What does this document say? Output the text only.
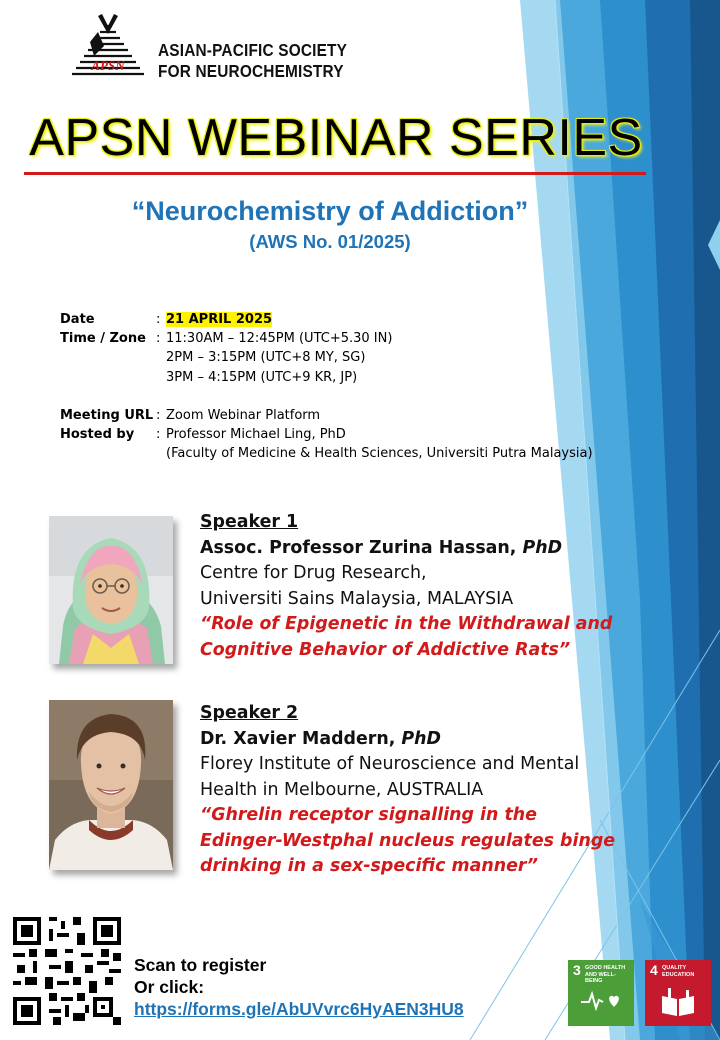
APSN
ASIAN-PACIFIC SOCIETY
FOR NEUROCHEMISTRY
APSN WEBINAR SERIES
“Neurochemistry of Addiction”
(AWS No. 01/2025)
Date	: 21 APRIL 2025
Time / Zone : 11:30AM – 12:45PM (UTC+5.30 IN)
2PM – 3:15PM (UTC+8 MY, SG)
3PM – 4:15PM (UTC+9 KR, JP)
Meeting URL : Zoom Webinar Platform
Hosted by : Professor Michael Ling, PhD
(Faculty of Medicine & Health Sciences, Universiti Putra Malaysia)
Speaker 1
Assoc. Professor Zurina Hassan, PhD
Centre for Drug Research,
Universiti Sains Malaysia, MALAYSIA
“Role of Epigenetic in the Withdrawal and
Cognitive Behavior of Addictive Rats”
Speaker 2
Dr. Xavier Maddern, PhD
Florey Institute of Neuroscience and Mental
Health in Melbourne, AUSTRALIA
“Ghrelin receptor signalling in the
Edinger-Westphal nucleus regulates binge
drinking in a sex-specific manner”
Scan to register
Or click:
https://forms.gle/AbUVvrc6HyAEN3HU8
3 GOOD HEALTH AND WELL-BEING
4 QUALITY EDUCATION
